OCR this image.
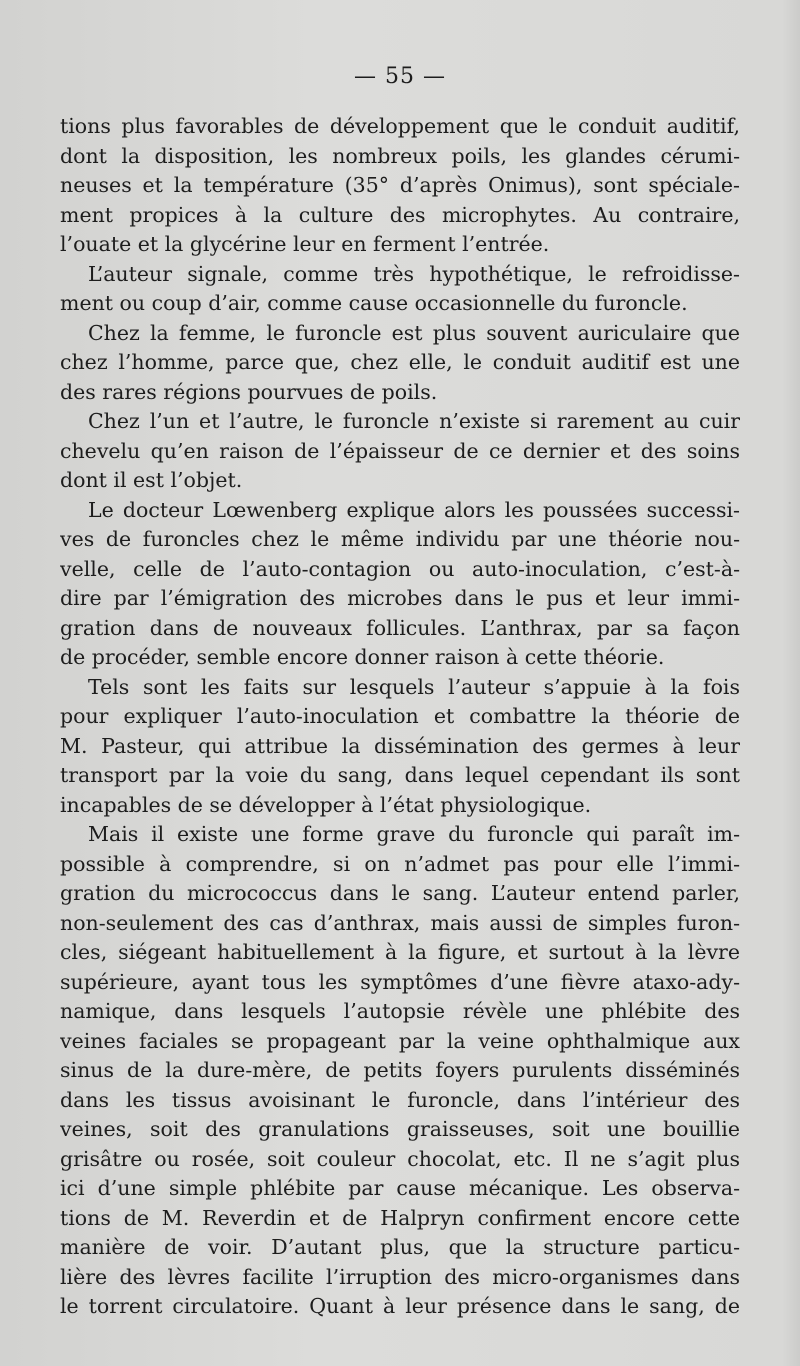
— 55 —
tions plus favorables de développement que le conduit auditif,
dont la disposition, les nombreux poils, les glandes cérumi-
neuses et la température (35° d’après Onimus), sont spéciale-
ment propices à la culture des microphytes. Au contraire,
l’ouate et la glycérine leur en ferment l’entrée.
L’auteur signale, comme très hypothétique, le refroidisse-
ment ou coup d’air, comme cause occasionnelle du furoncle.
Chez la femme, le furoncle est plus souvent auriculaire que
chez l’homme, parce que, chez elle, le conduit auditif est une
des rares régions pourvues de poils.
Chez l’un et l’autre, le furoncle n’existe si rarement au cuir
chevelu qu’en raison de l’épaisseur de ce dernier et des soins
dont il est l’objet.
Le docteur Lœwenberg explique alors les poussées successi-
ves de furoncles chez le même individu par une théorie nou-
velle, celle de l’auto-contagion ou auto-inoculation, c’est-à-
dire par l’émigration des microbes dans le pus et leur immi-
gration dans de nouveaux follicules. L’anthrax, par sa façon
de procéder, semble encore donner raison à cette théorie.
Tels sont les faits sur lesquels l’auteur s’appuie à la fois
pour expliquer l’auto-inoculation et combattre la théorie de
M. Pasteur, qui attribue la dissémination des germes à leur
transport par la voie du sang, dans lequel cependant ils sont
incapables de se développer à l’état physiologique.
Mais il existe une forme grave du furoncle qui paraît im-
possible à comprendre, si on n’admet pas pour elle l’immi-
gration du micrococcus dans le sang. L’auteur entend parler,
non-seulement des cas d’anthrax, mais aussi de simples furon-
cles, siégeant habituellement à la figure, et surtout à la lèvre
supérieure, ayant tous les symptômes d’une fièvre ataxo-ady-
namique, dans lesquels l’autopsie révèle une phlébite des
veines faciales se propageant par la veine ophthalmique aux
sinus de la dure-mère, de petits foyers purulents disséminés
dans les tissus avoisinant le furoncle, dans l’intérieur des
veines, soit des granulations graisseuses, soit une bouillie
grisâtre ou rosée, soit couleur chocolat, etc. Il ne s’agit plus
ici d’une simple phlébite par cause mécanique. Les observa-
tions de M. Reverdin et de Halpryn confirment encore cette
manière de voir. D’autant plus, que la structure particu-
lière des lèvres facilite l’irruption des micro-organismes dans
le torrent circulatoire. Quant à leur présence dans le sang, de
